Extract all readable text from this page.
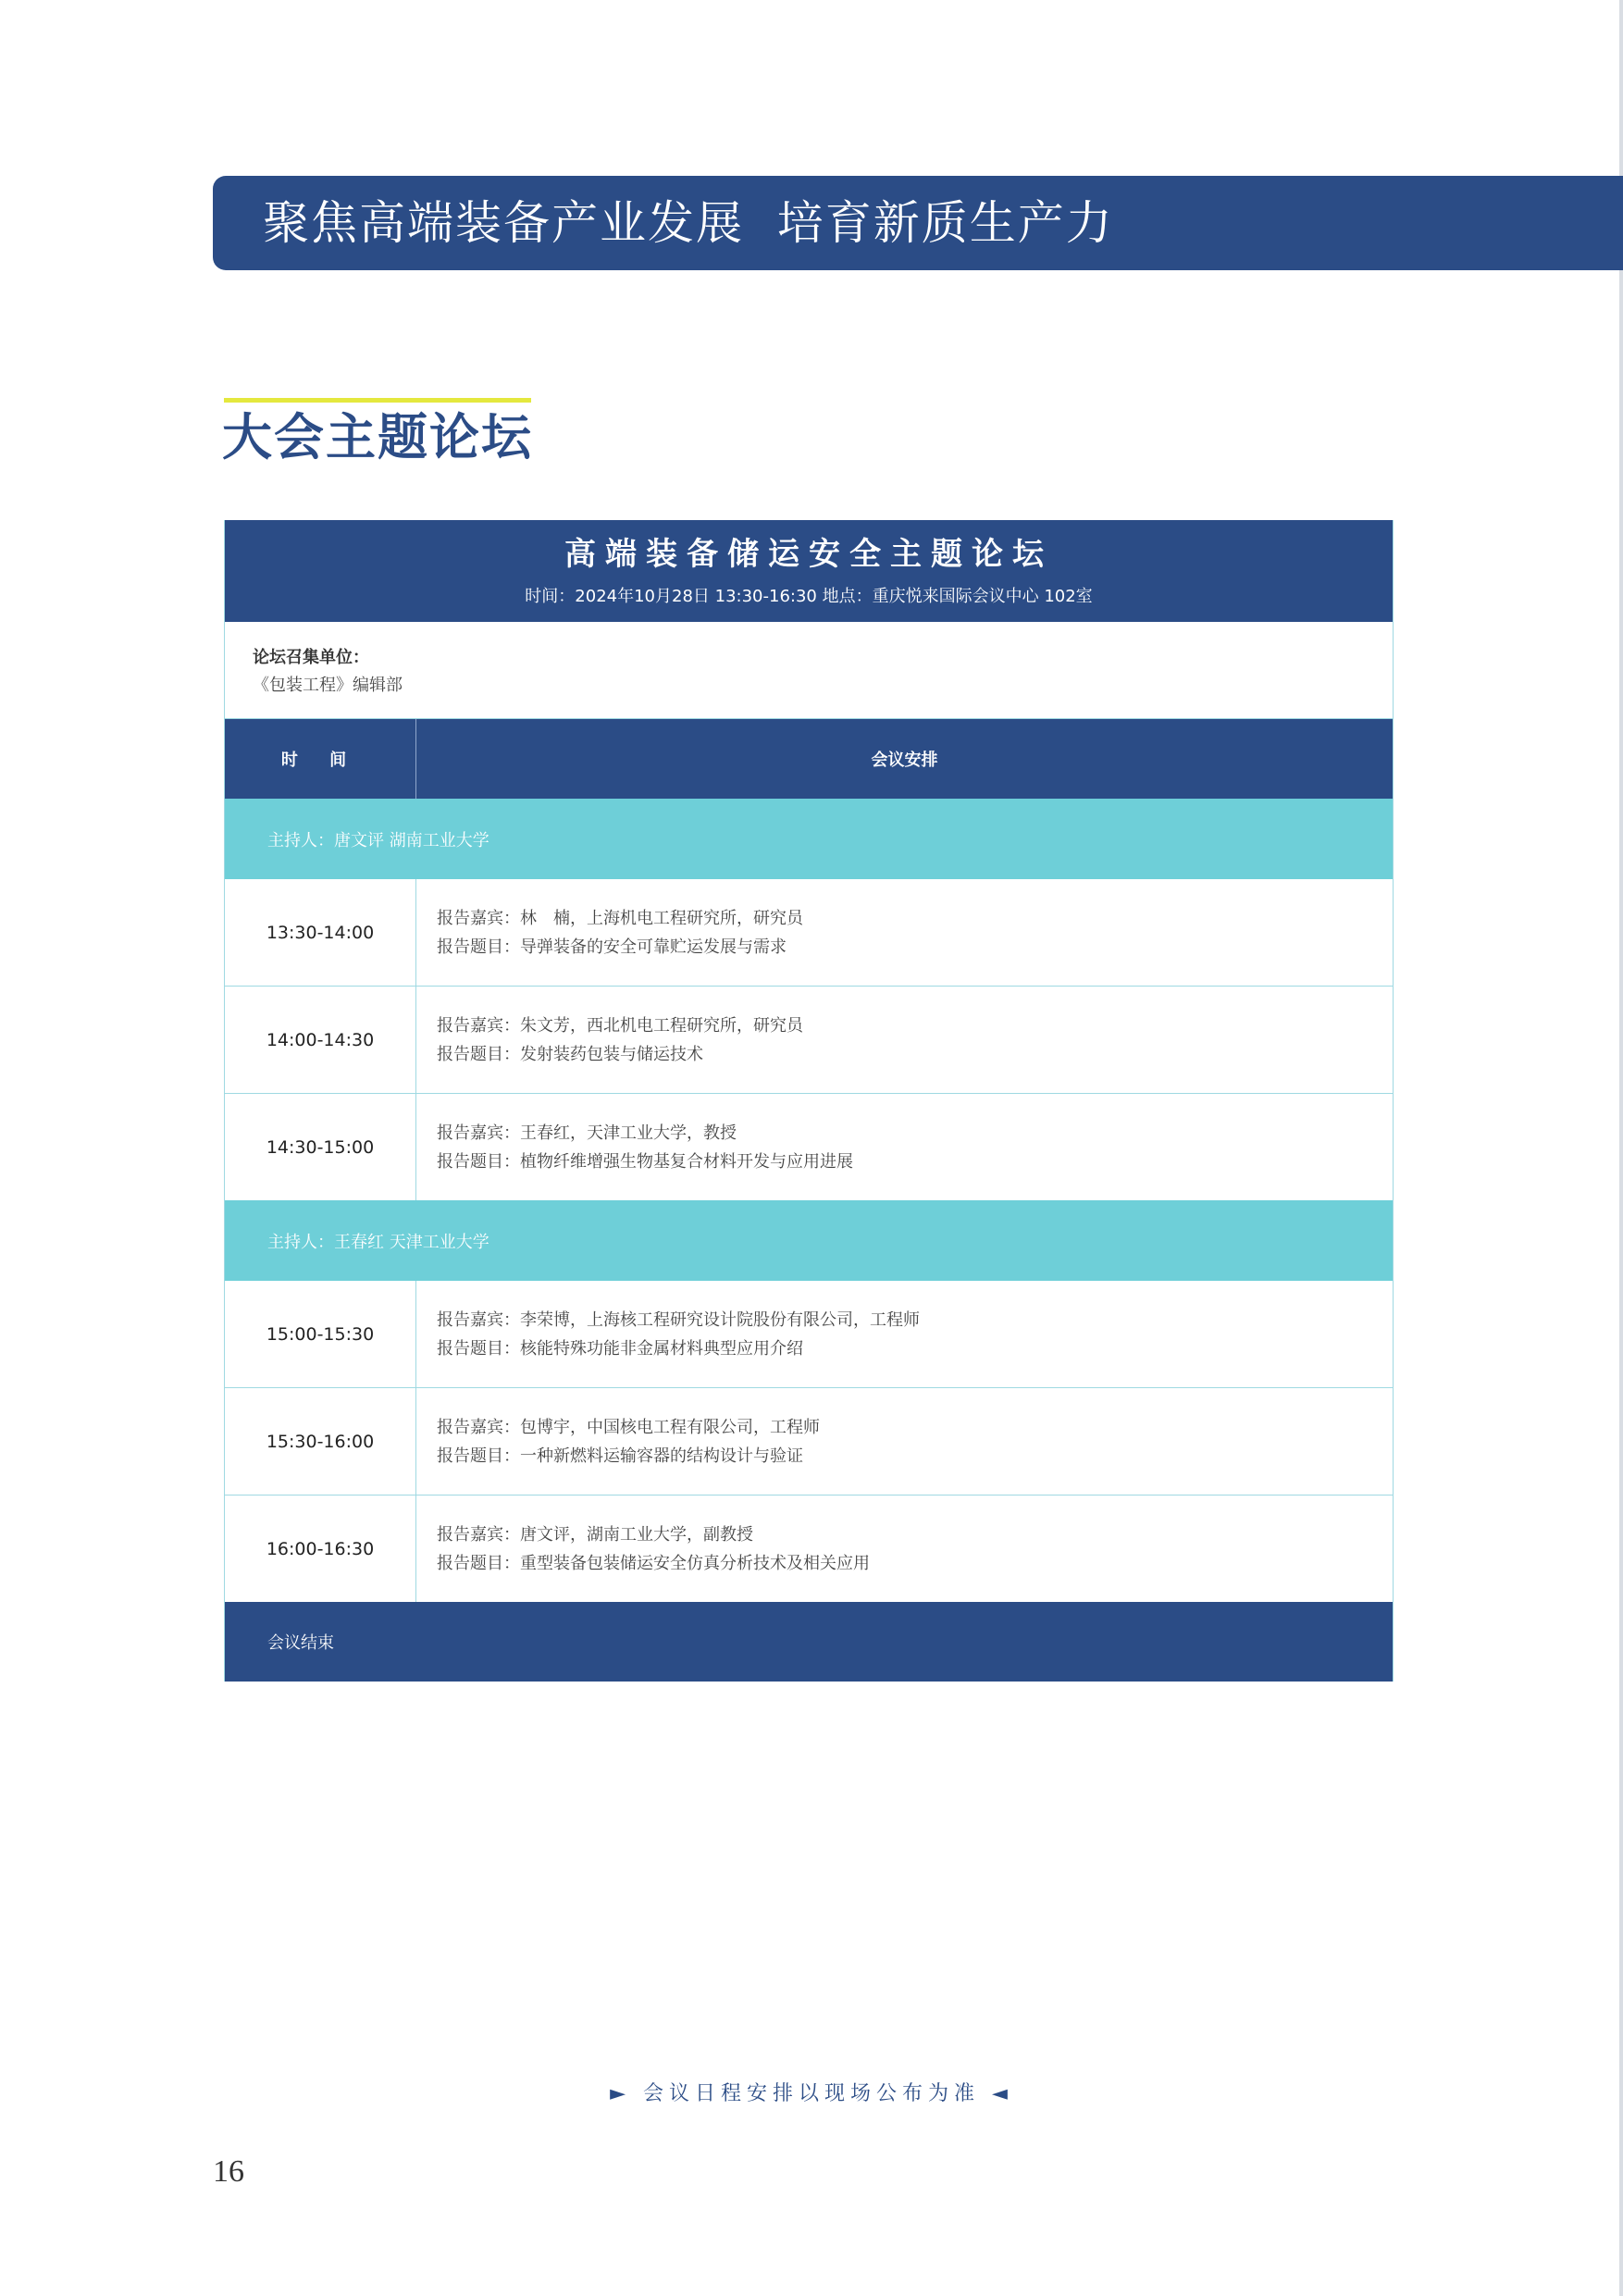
聚焦高端装备产业发展  培育新质生产力
大会主题论坛
高端装备储运安全主题论坛
时间：2024年10月28日 13:30-16:30 地点：重庆悦来国际会议中心 102室
论坛召集单位：
《包装工程》编辑部
时 间	会议安排
主持人：唐文评 湖南工业大学
13:30-14:00
报告嘉宾：林　楠，上海机电工程研究所，研究员
报告题目：导弹装备的安全可靠贮运发展与需求
14:00-14:30
报告嘉宾：朱文芳，西北机电工程研究所，研究员
报告题目：发射装药包装与储运技术
14:30-15:00
报告嘉宾：王春红，天津工业大学，教授
报告题目：植物纤维增强生物基复合材料开发与应用进展
主持人：王春红 天津工业大学
15:00-15:30
报告嘉宾：李荣博，上海核工程研究设计院股份有限公司，工程师
报告题目：核能特殊功能非金属材料典型应用介绍
15:30-16:00
报告嘉宾：包博宇，中国核电工程有限公司，工程师
报告题目：一种新燃料运输容器的结构设计与验证
16:00-16:30
报告嘉宾：唐文评，湖南工业大学，副教授
报告题目：重型装备包装储运安全仿真分析技术及相关应用
会议结束
► 会议日程安排以现场公布为准 ◄
16
